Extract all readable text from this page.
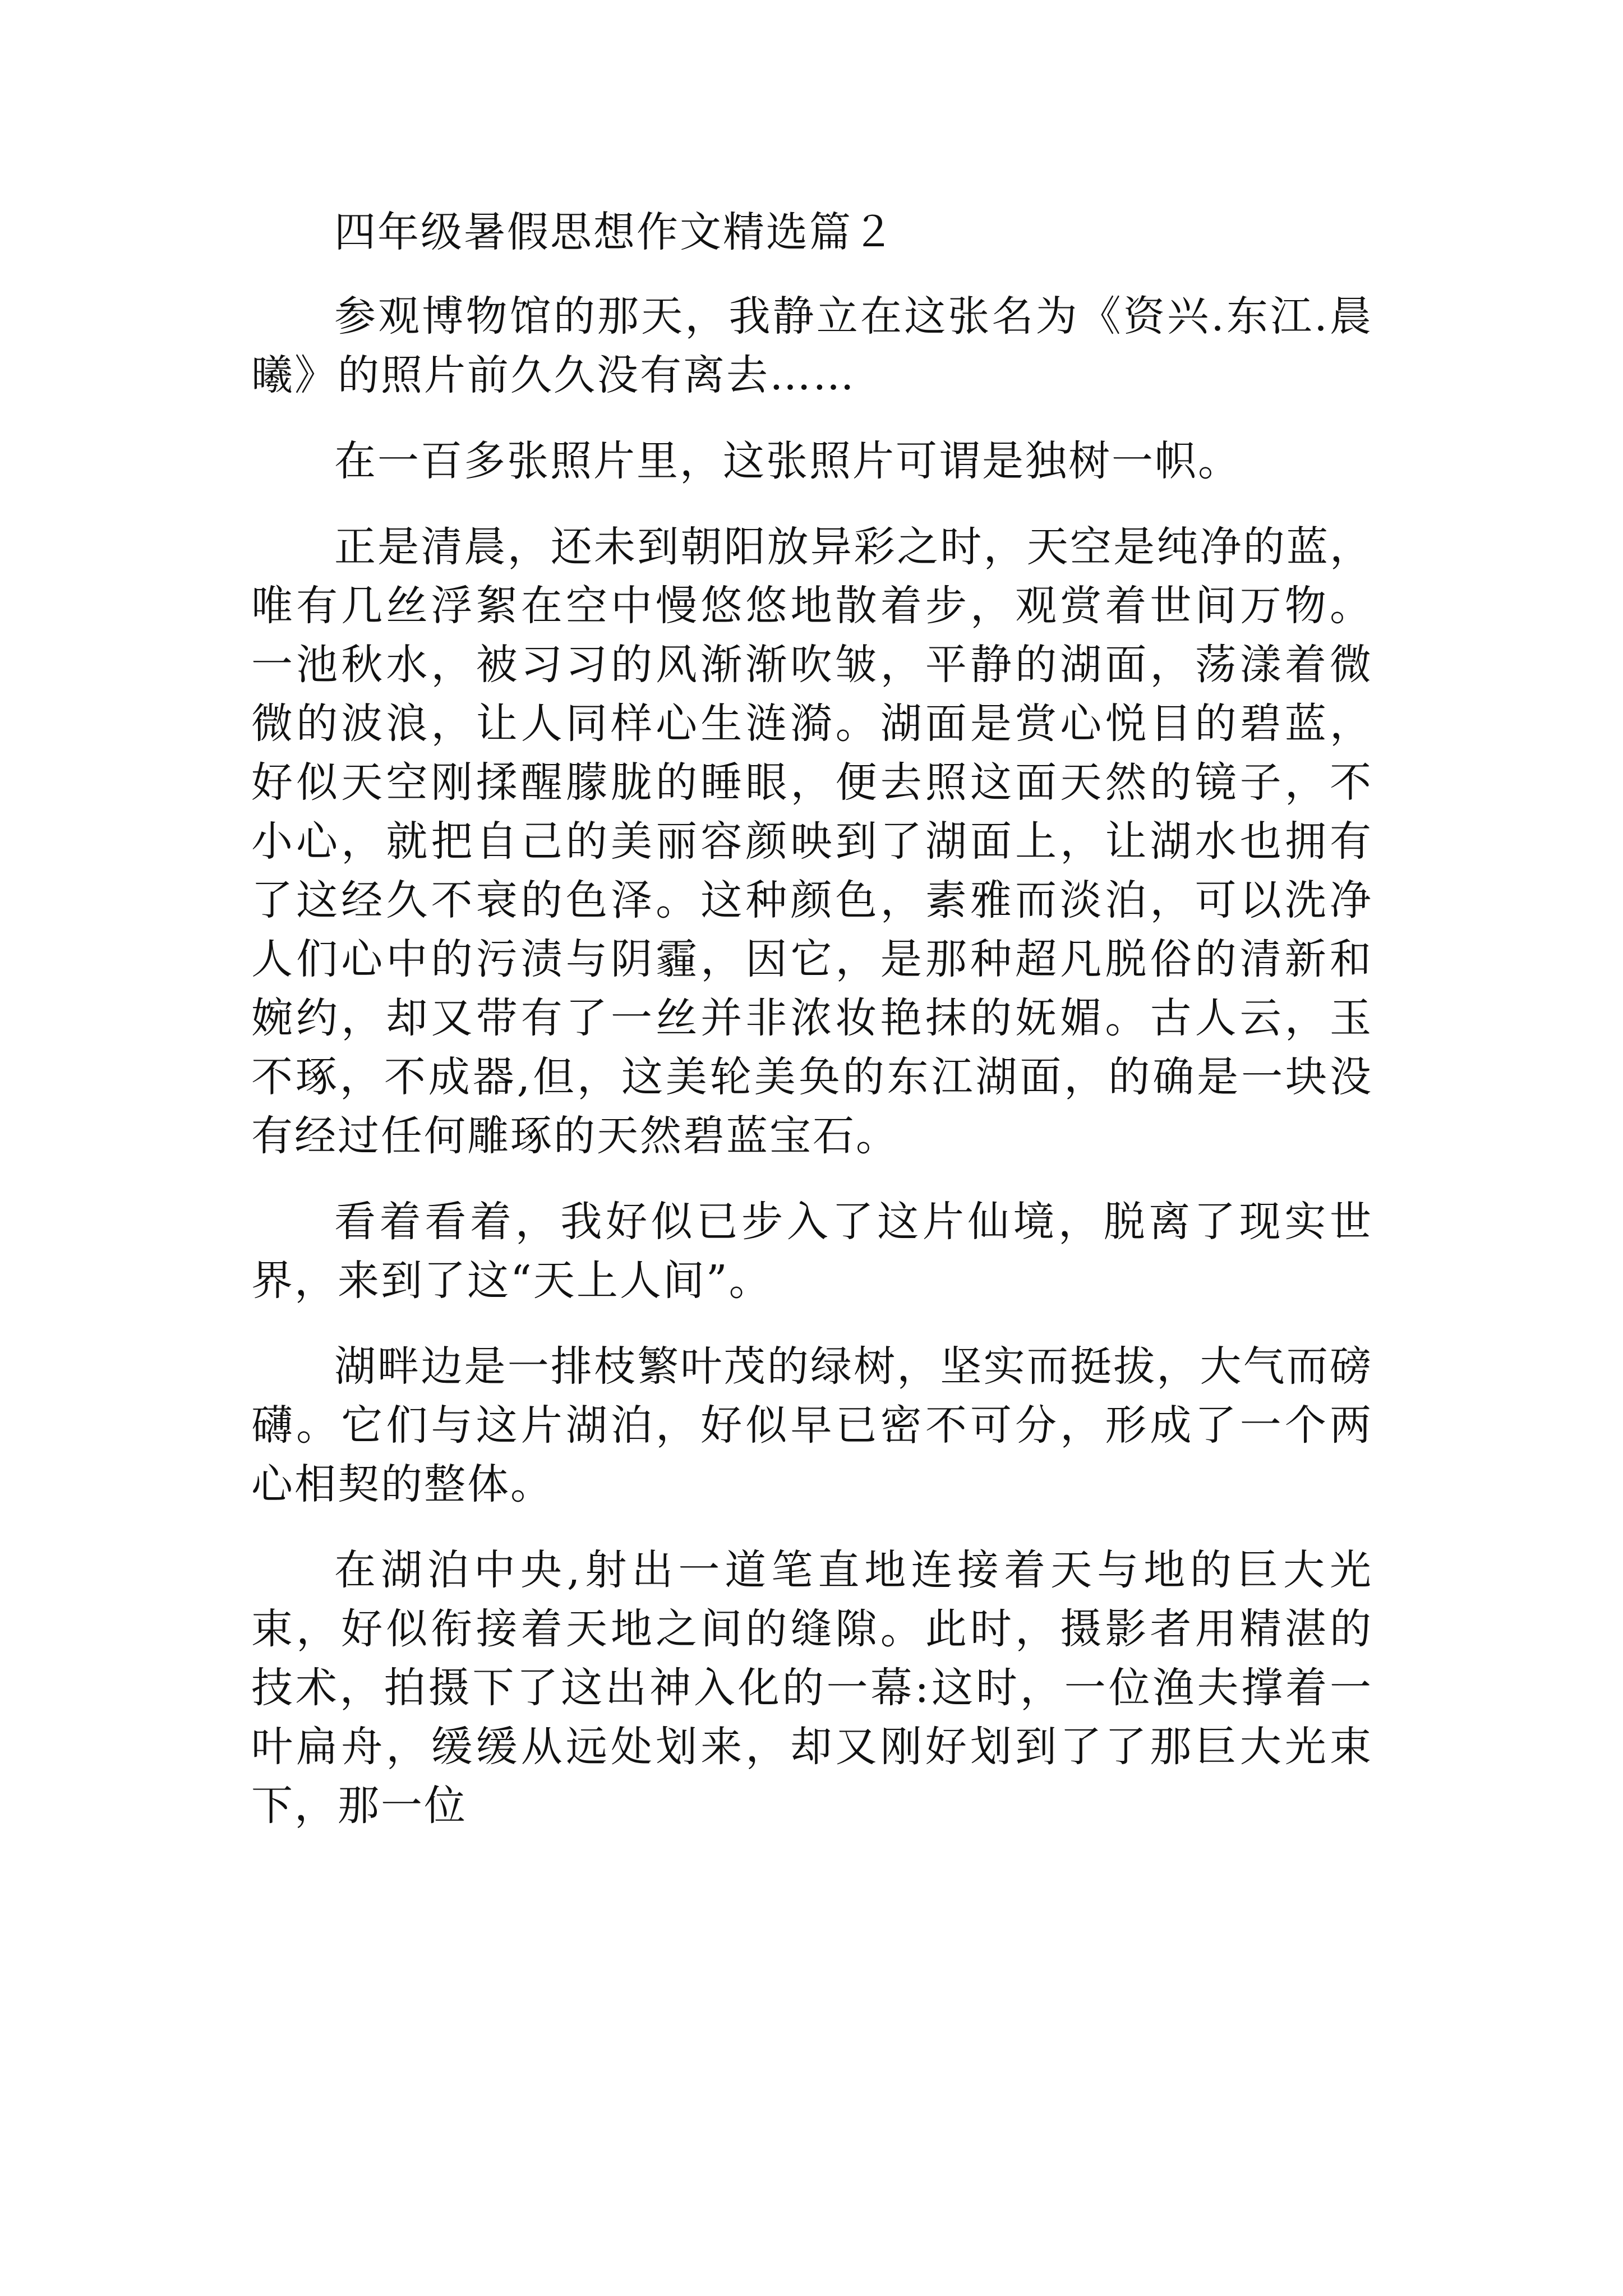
四年级暑假思想作文精选篇２

参观博物馆的那天，我静立在这张名为《资兴.东江.晨曦》的照片前久久没有离去……

在一百多张照片里，这张照片可谓是独树一帜。

正是清晨，还未到朝阳放异彩之时，天空是纯净的蓝，唯有几丝浮絮在空中慢悠悠地散着步，观赏着世间万物。一池秋水，被习习的风渐渐吹皱，平静的湖面，荡漾着微微的波浪，让人同样心生涟漪。湖面是赏心悦目的碧蓝，好似天空刚揉醒朦胧的睡眼，便去照这面天然的镜子，不小心，就把自己的美丽容颜映到了湖面上，让湖水也拥有了这经久不衰的色泽。这种颜色，素雅而淡泊，可以洗净人们心中的污渍与阴霾，因它，是那种超凡脱俗的清新和婉约，却又带有了一丝并非浓妆艳抹的妩媚。古人云，玉不琢，不成器,但，这美轮美奂的东江湖面，的确是一块没有经过任何雕琢的天然碧蓝宝石。

看着看着，我好似已步入了这片仙境，脱离了现实世界，来到了这“天上人间”。

湖畔边是一排枝繁叶茂的绿树，坚实而挺拔，大气而磅礴。它们与这片湖泊，好似早已密不可分，形成了一个两心相契的整体。

在湖泊中央,射出一道笔直地连接着天与地的巨大光束，好似衔接着天地之间的缝隙。此时，摄影者用精湛的技术，拍摄下了这出神入化的一幕:这时，一位渔夫撑着一叶扁舟，缓缓从远处划来，却又刚好划到了了那巨大光束下，那一位
